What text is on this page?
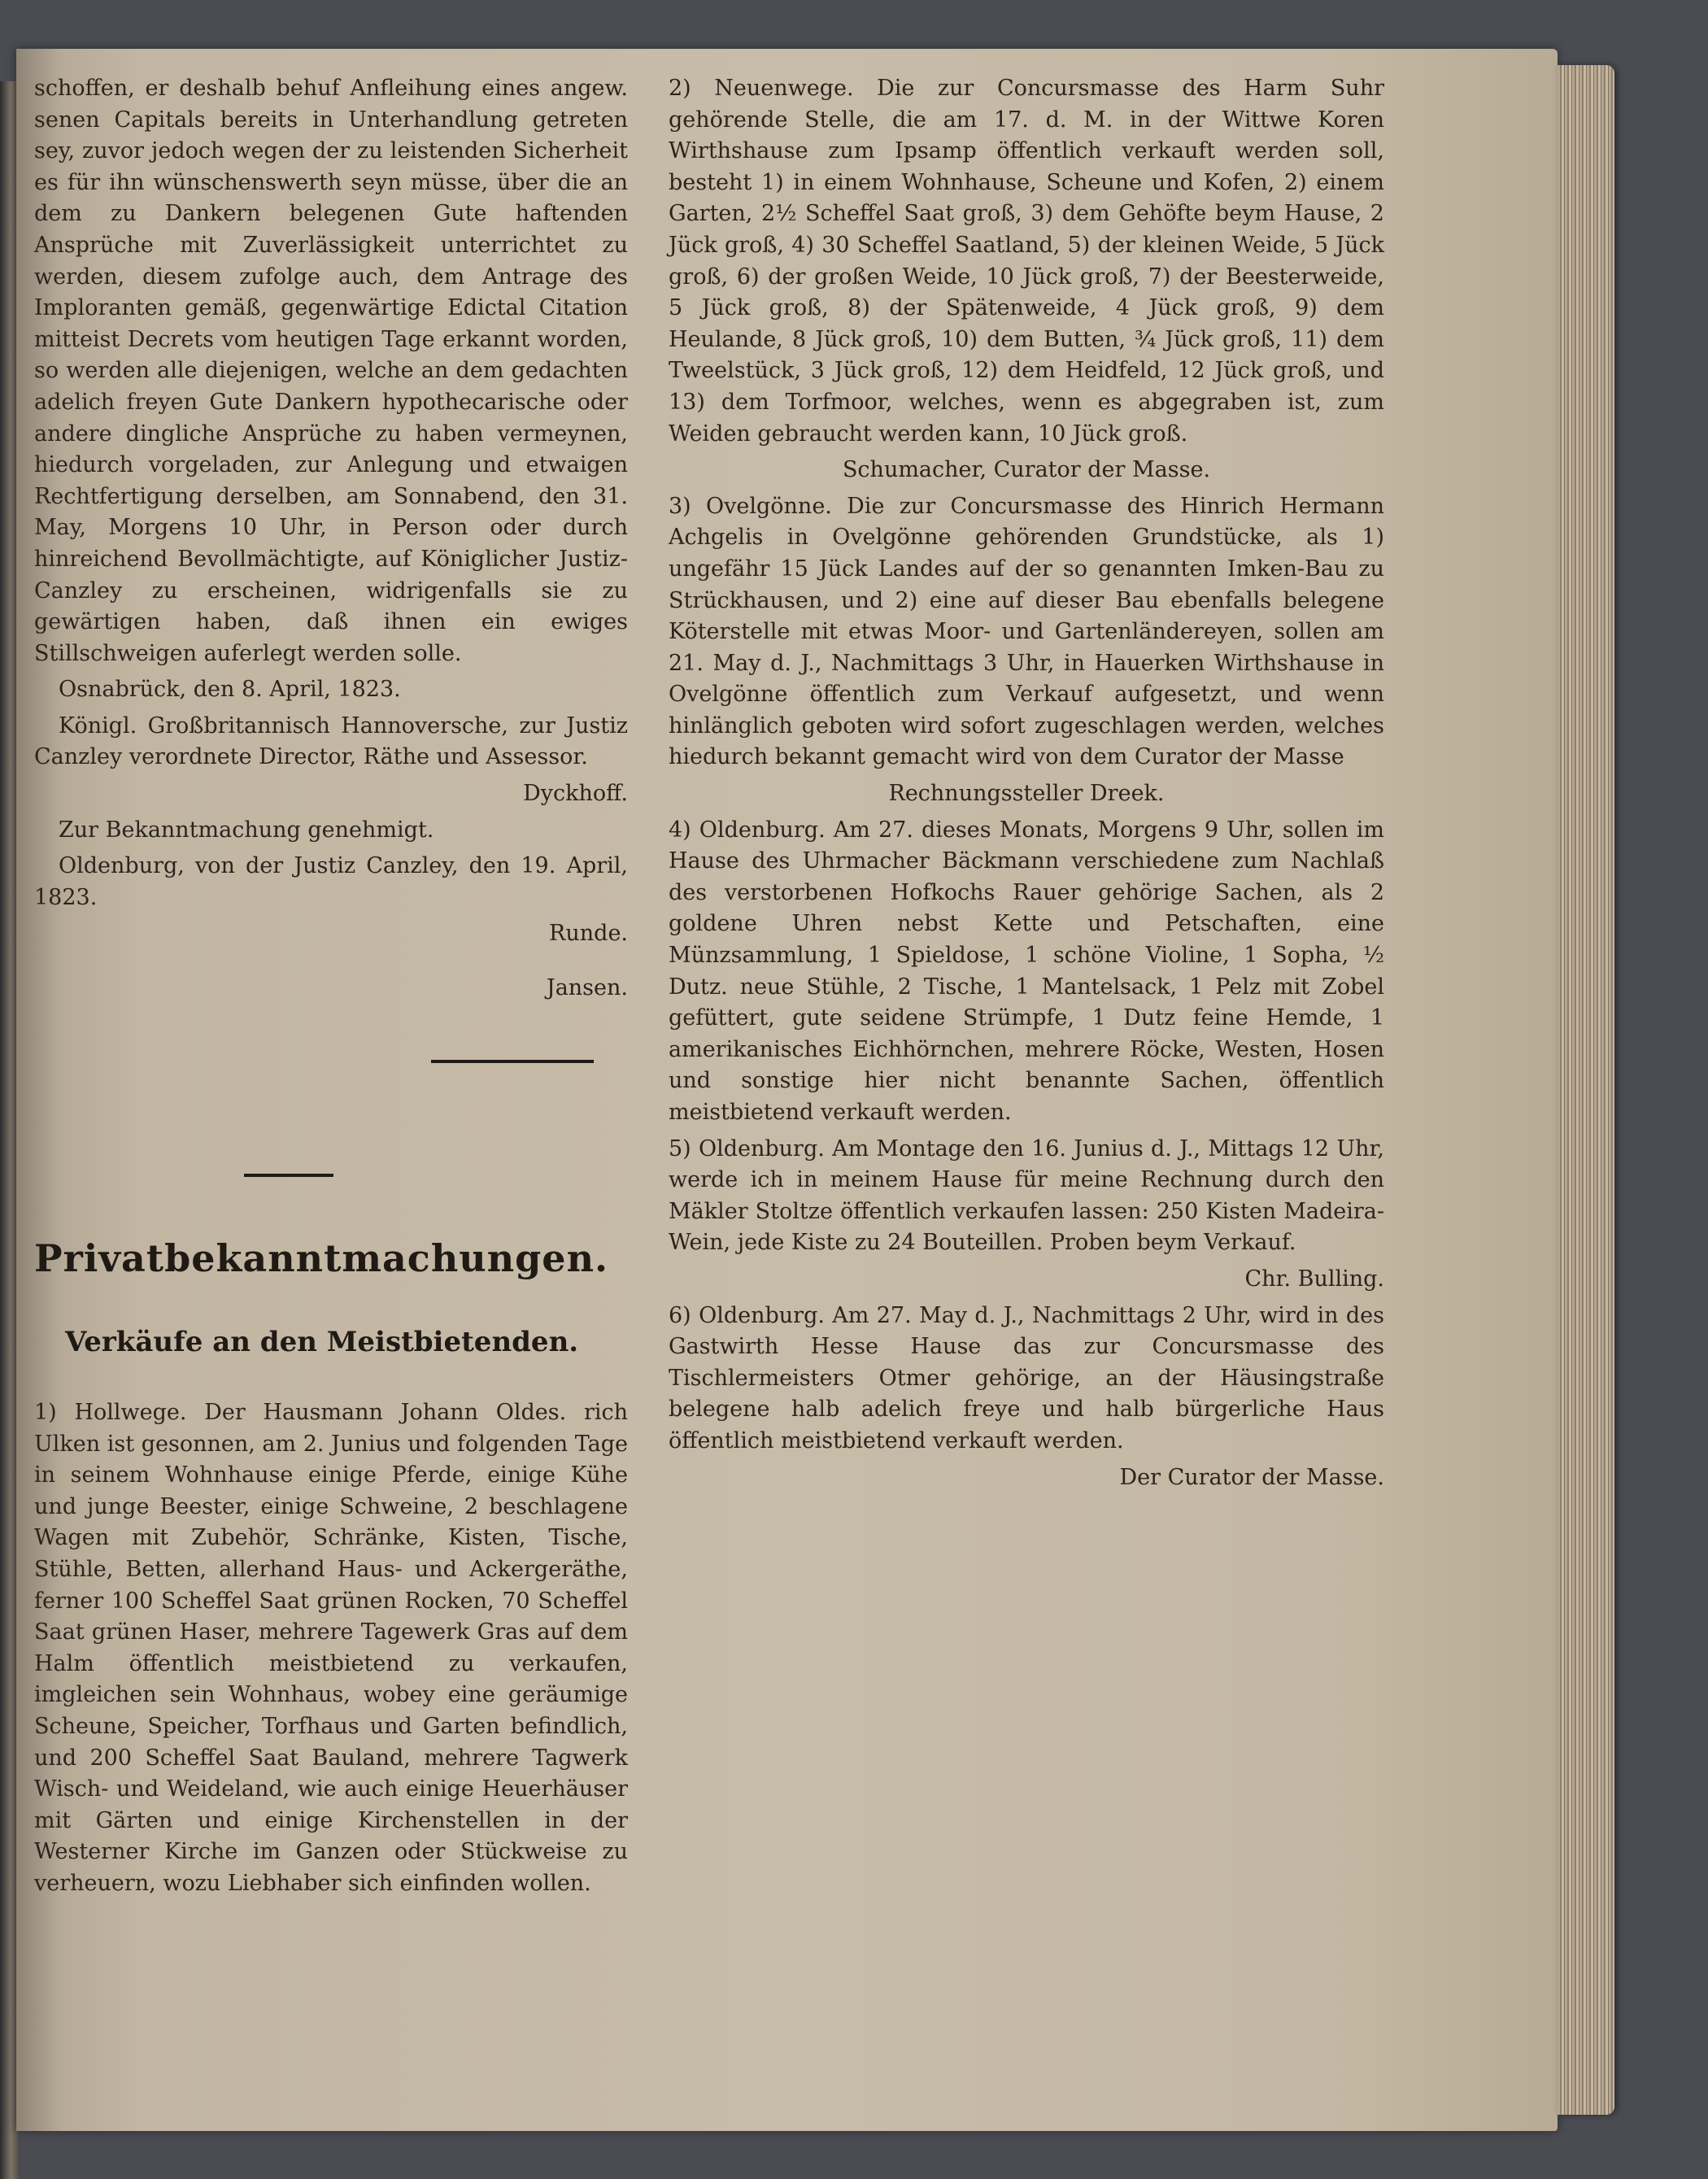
schoffen, er deshalb behuf Anfleihung eines angew. senen Capitals bereits in Unterhandlung getreten sey, zuvor jedoch wegen der zu leistenden Sicherheit es für ihn wünschenswerth seyn müsse, über die an dem zu Dankern belegenen Gute haftenden Ansprüche mit Zuverlässigkeit unterrichtet zu werden, diesem zufolge auch, dem Antrage des Imploranten gemäß, gegenwärtige Edictal Citation mitteist Decrets vom heutigen Tage erkannt worden, so werden alle diejenigen, welche an dem gedachten adelich freyen Gute Dankern hypothecarische oder andere dingliche Ansprüche zu haben vermeynen, hiedurch vorgeladen, zur Anlegung und etwaigen Rechtfertigung derselben, am Sonnabend, den 31. May, Morgens 10 Uhr, in Person oder durch hinreichend Bevollmächtigte, auf Königlicher Justiz-Canzley zu erscheinen, widrigenfalls sie zu gewärtigen haben, daß ihnen ein ewiges Stillschweigen auferlegt werden solle.

Osnabrück, den 8. April, 1823.

Königl. Großbritannisch Hannoversche, zur Justiz Canzley verordnete Director, Räthe und Assessor.

Dyckhoff.

Zur Bekanntmachung genehmigt.

Oldenburg, von der Justiz Canzley, den 19. April, 1823.

Runde.

Jansen.

Privatbekanntmachungen.
Verkäufe an den Meistbietenden.

1) Hollwege. Der Hausmann Johann Oldes. rich Ulken ist gesonnen, am 2. Junius und folgenden Tage in seinem Wohnhause einige Pferde, einige Kühe und junge Beester, einige Schweine, 2 beschlagene Wagen mit Zubehör, Schränke, Kisten, Tische, Stühle, Betten, allerhand Haus- und Ackergeräthe, ferner 100 Scheffel Saat grünen Rocken, 70 Scheffel Saat grünen Haser, mehrere Tagewerk Gras auf dem Halm öffentlich meistbietend zu verkaufen, imgleichen sein Wohnhaus, wobey eine geräumige Scheune, Speicher, Torfhaus und Garten befindlich, und 200 Scheffel Saat Bauland, mehrere Tagwerk Wisch- und Weideland, wie auch einige Heuerhäuser mit Gärten und einige Kirchenstellen in der Westerner Kirche im Ganzen oder Stückweise zu verheuern, wozu Liebhaber sich einfinden wollen.

2) Neuenwege. Die zur Concursmasse des Harm Suhr gehörende Stelle, die am 17. d. M. in der Wittwe Koren Wirthshause zum Ipsamp öffentlich verkauft werden soll, besteht 1) in einem Wohnhause, Scheune und Kofen, 2) einem Garten, 2½ Scheffel Saat groß, 3) dem Gehöfte beym Hause, 2 Jück groß, 4) 30 Scheffel Saatland, 5) der kleinen Weide, 5 Jück groß, 6) der großen Weide, 10 Jück groß, 7) der Beesterweide, 5 Jück groß, 8) der Spätenweide, 4 Jück groß, 9) dem Heulande, 8 Jück groß, 10) dem Butten, ¾ Jück groß, 11) dem Tweelstück, 3 Jück groß, 12) dem Heidfeld, 12 Jück groß, und 13) dem Torfmoor, welches, wenn es abgegraben ist, zum Weiden gebraucht werden kann, 10 Jück groß.

Schumacher, Curator der Masse.

3) Ovelgönne. Die zur Concursmasse des Hinrich Hermann Achgelis in Ovelgönne gehörenden Grundstücke, als 1) ungefähr 15 Jück Landes auf der so genannten Imken-Bau zu Strückhausen, und 2) eine auf dieser Bau ebenfalls belegene Köterstelle mit etwas Moor- und Gartenländereyen, sollen am 21. May d. J., Nachmittags 3 Uhr, in Hauerken Wirthshause in Ovelgönne öffentlich zum Verkauf aufgesetzt, und wenn hinlänglich geboten wird sofort zugeschlagen werden, welches hiedurch bekannt gemacht wird von dem Curator der Masse

Rechnungssteller Dreek.

4) Oldenburg. Am 27. dieses Monats, Morgens 9 Uhr, sollen im Hause des Uhrmacher Bäckmann verschiedene zum Nachlaß des verstorbenen Hofkochs Rauer gehörige Sachen, als 2 goldene Uhren nebst Kette und Petschaften, eine Münzsammlung, 1 Spieldose, 1 schöne Violine, 1 Sopha, ½ Dutz. neue Stühle, 2 Tische, 1 Mantelsack, 1 Pelz mit Zobel gefüttert, gute seidene Strümpfe, 1 Dutz feine Hemde, 1 amerikanisches Eichhörnchen, mehrere Röcke, Westen, Hosen und sonstige hier nicht benannte Sachen, öffentlich meistbietend verkauft werden.

5) Oldenburg. Am Montage den 16. Junius d. J., Mittags 12 Uhr, werde ich in meinem Hause für meine Rechnung durch den Mäkler Stoltze öffentlich verkaufen lassen: 250 Kisten Madeira-Wein, jede Kiste zu 24 Bouteillen. Proben beym Verkauf.

Chr. Bulling.

6) Oldenburg. Am 27. May d. J., Nachmittags 2 Uhr, wird in des Gastwirth Hesse Hause das zur Concursmasse des Tischlermeisters Otmer gehörige, an der Häusingstraße belegene halb adelich freye und halb bürgerliche Haus öffentlich meistbietend verkauft werden.

Der Curator der Masse.
